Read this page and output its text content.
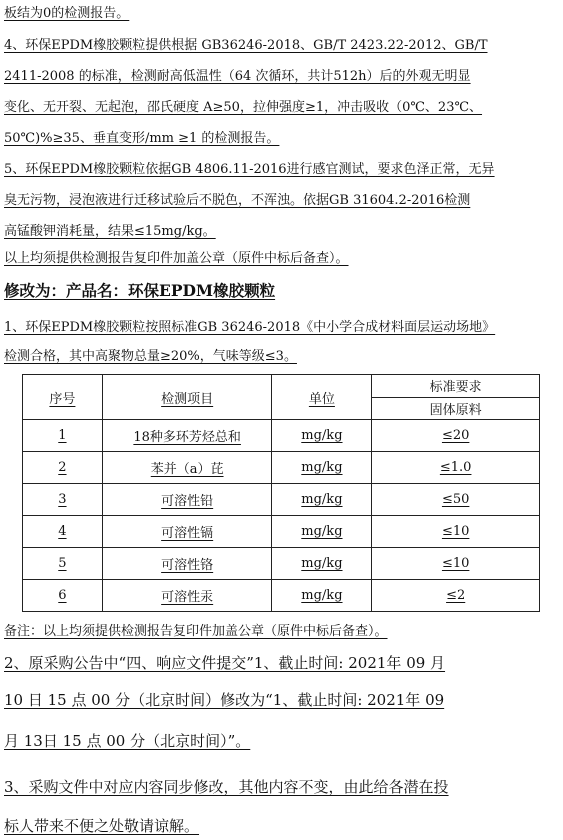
板结为0的检测报告。
4、环保EPDM橡胶颗粒提供根据 GB36246-2018、GB/T 2423.22-2012、GB/T
2411-2008 的标准，检测耐高低温性（64 次循环，共计512h）后的外观无明显
变化、无开裂、无起泡，邵氏硬度 A≥50，拉伸强度≥1，冲击吸收（0℃、23℃、
50℃)%≥35、垂直变形/mm ≥1 的检测报告。
5、环保EPDM橡胶颗粒依据GB 4806.11-2016进行感官测试，要求色泽正常，无异
臭无污物，浸泡液进行迁移试验后不脱色，不浑浊。依据GB 31604.2-2016检测
高锰酸钾消耗量，结果≤15mg/kg。
以上均须提供检测报告复印件加盖公章（原件中标后备查）。
修改为：产品名：环保EPDM橡胶颗粒
1、环保EPDM橡胶颗粒按照标准GB 36246-2018《中小学合成材料面层运动场地》
检测合格，其中高聚物总量≥20%，气味等级≤3。
序号	检测项目	单位	标准要求
			固体原料
1	18种多环芳烃总和	mg/kg	≤20
2	苯并（a）芘	mg/kg	≤1.0
3	可溶性铅	mg/kg	≤50
4	可溶性镉	mg/kg	≤10
5	可溶性铬	mg/kg	≤10
6	可溶性汞	mg/kg	≤2
备注：以上均须提供检测报告复印件加盖公章（原件中标后备查）。
2、原采购公告中“四、响应文件提交”1、截止时间: 2021年 09 月
10 日 15 点 00 分（北京时间）修改为“1、截止时间: 2021年 09
月 13日 15 点 00 分（北京时间）”。
3、采购文件中对应内容同步修改，其他内容不变，由此给各潜在投
标人带来不便之处敬请谅解。
